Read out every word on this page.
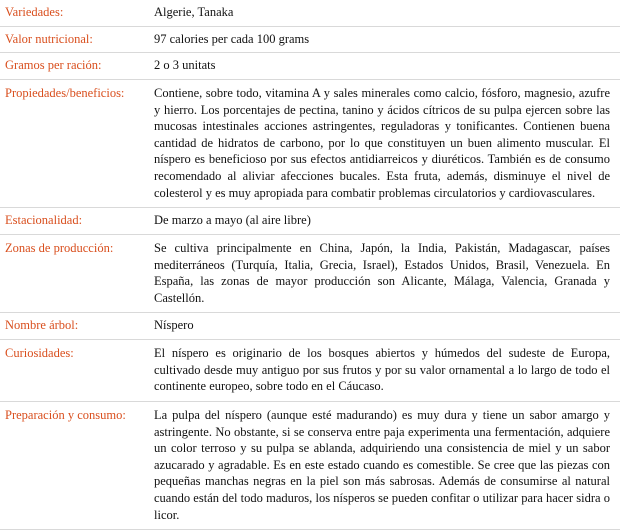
Variedades:	Algerie, Tanaka
Valor nutricional:	97 calories per cada 100 grams
Gramos per ración:	2 o 3 unitats
Propiedades/beneficios:	Contiene, sobre todo, vitamina A y sales minerales como calcio, fósforo, magnesio, azufre y hierro. Los porcentajes de pectina, tanino y ácidos cítricos de su pulpa ejercen sobre las mucosas intestinales acciones astringentes, reguladoras y tonificantes. Contienen buena cantidad de hidratos de carbono, por lo que constituyen un buen alimento muscular. El níspero es beneficioso por sus efectos antidiarreicos y diuréticos. También es de consumo recomendado al aliviar afecciones bucales. Esta fruta, además, disminuye el nivel de colesterol y es muy apropiada para combatir problemas circulatorios y cardiovasculares.
Estacionalidad:	De marzo a mayo (al aire libre)
Zonas de producción:	Se cultiva principalmente en China, Japón, la India, Pakistán, Madagascar, países mediterráneos (Turquía, Italia, Grecia, Israel), Estados Unidos, Brasil, Venezuela. En España, las zonas de mayor producción son Alicante, Málaga, Valencia, Granada y Castellón.
Nombre árbol:	Níspero
Curiosidades:	El níspero es originario de los bosques abiertos y húmedos del sudeste de Europa, cultivado desde muy antiguo por sus frutos y por su valor ornamental a lo largo de todo el continente europeo, sobre todo en el Cáucaso.
Preparación y consumo:	La pulpa del níspero (aunque esté madurando) es muy dura y tiene un sabor amargo y astringente. No obstante, si se conserva entre paja experimenta una fermentación, adquiere un color terroso y su pulpa se ablanda, adquiriendo una consistencia de miel y un sabor azucarado y agradable. Es en este estado cuando es comestible. Se cree que las piezas con pequeñas manchas negras en la piel son más sabrosas. Además de consumirse al natural cuando están del todo maduros, los nísperos se pueden confitar o utilizar para hacer sidra o licor.
